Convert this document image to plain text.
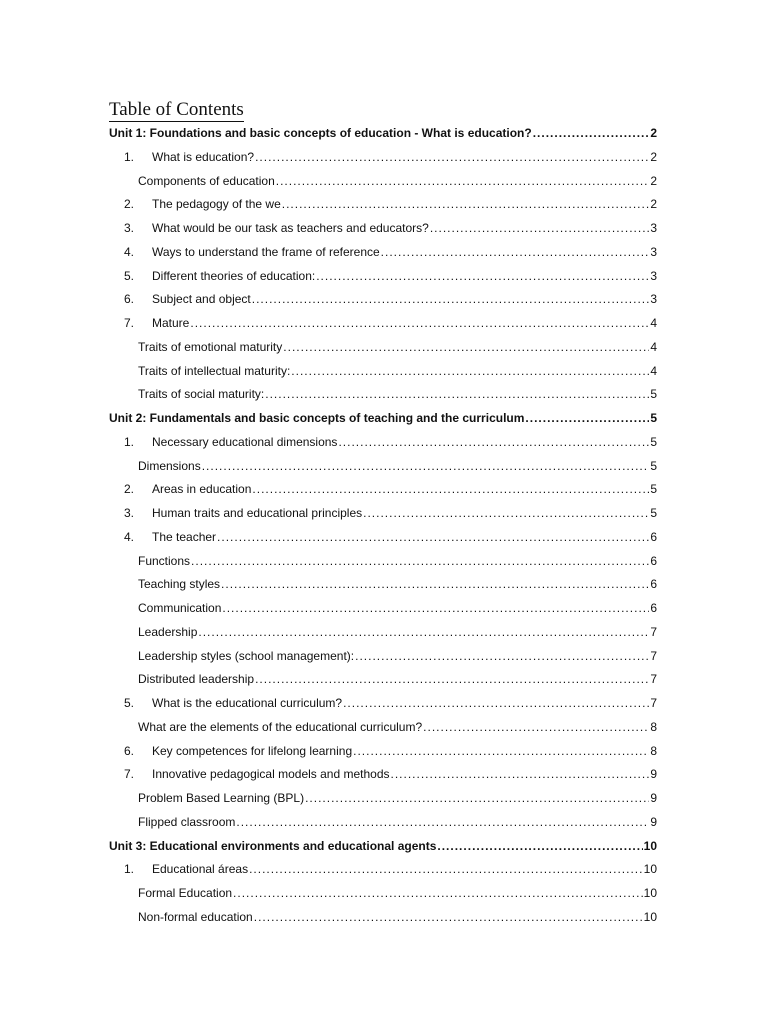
Table of Contents
Unit 1: Foundations and basic concepts of education - What is education? .....	2
1.	What is education? .....	2
Components of education .....	2
2.	The pedagogy of the we .....	2
3.	What would be our task as teachers and educators? .....	3
4.	Ways to understand the frame of reference .....	3
5.	Different theories of education: .....	3
6.	Subject and object .....	3
7.	Mature .....	4
Traits of emotional maturity .....	4
Traits of intellectual maturity: .....	4
Traits of social maturity: .....	5
Unit 2: Fundamentals and basic concepts of teaching and the curriculum .....	5
1.	Necessary educational dimensions .....	5
Dimensions .....	5
2.	Areas in education .....	5
3.	Human traits and educational principles .....	5
4.	The teacher .....	6
Functions .....	6
Teaching styles .....	6
Communication .....	6
Leadership .....	7
Leadership styles (school management): .....	7
Distributed leadership .....	7
5.	What is the educational curriculum? .....	7
What are the elements of the educational curriculum? .....	8
6.	Key competences for lifelong learning .....	8
7.	Innovative pedagogical models and methods .....	9
Problem Based Learning (BPL) .....	9
Flipped classroom .....	9
Unit 3: Educational environments and educational agents .....	10
1.	Educational áreas .....	10
Formal Education .....	10
Non-formal education .....	10
